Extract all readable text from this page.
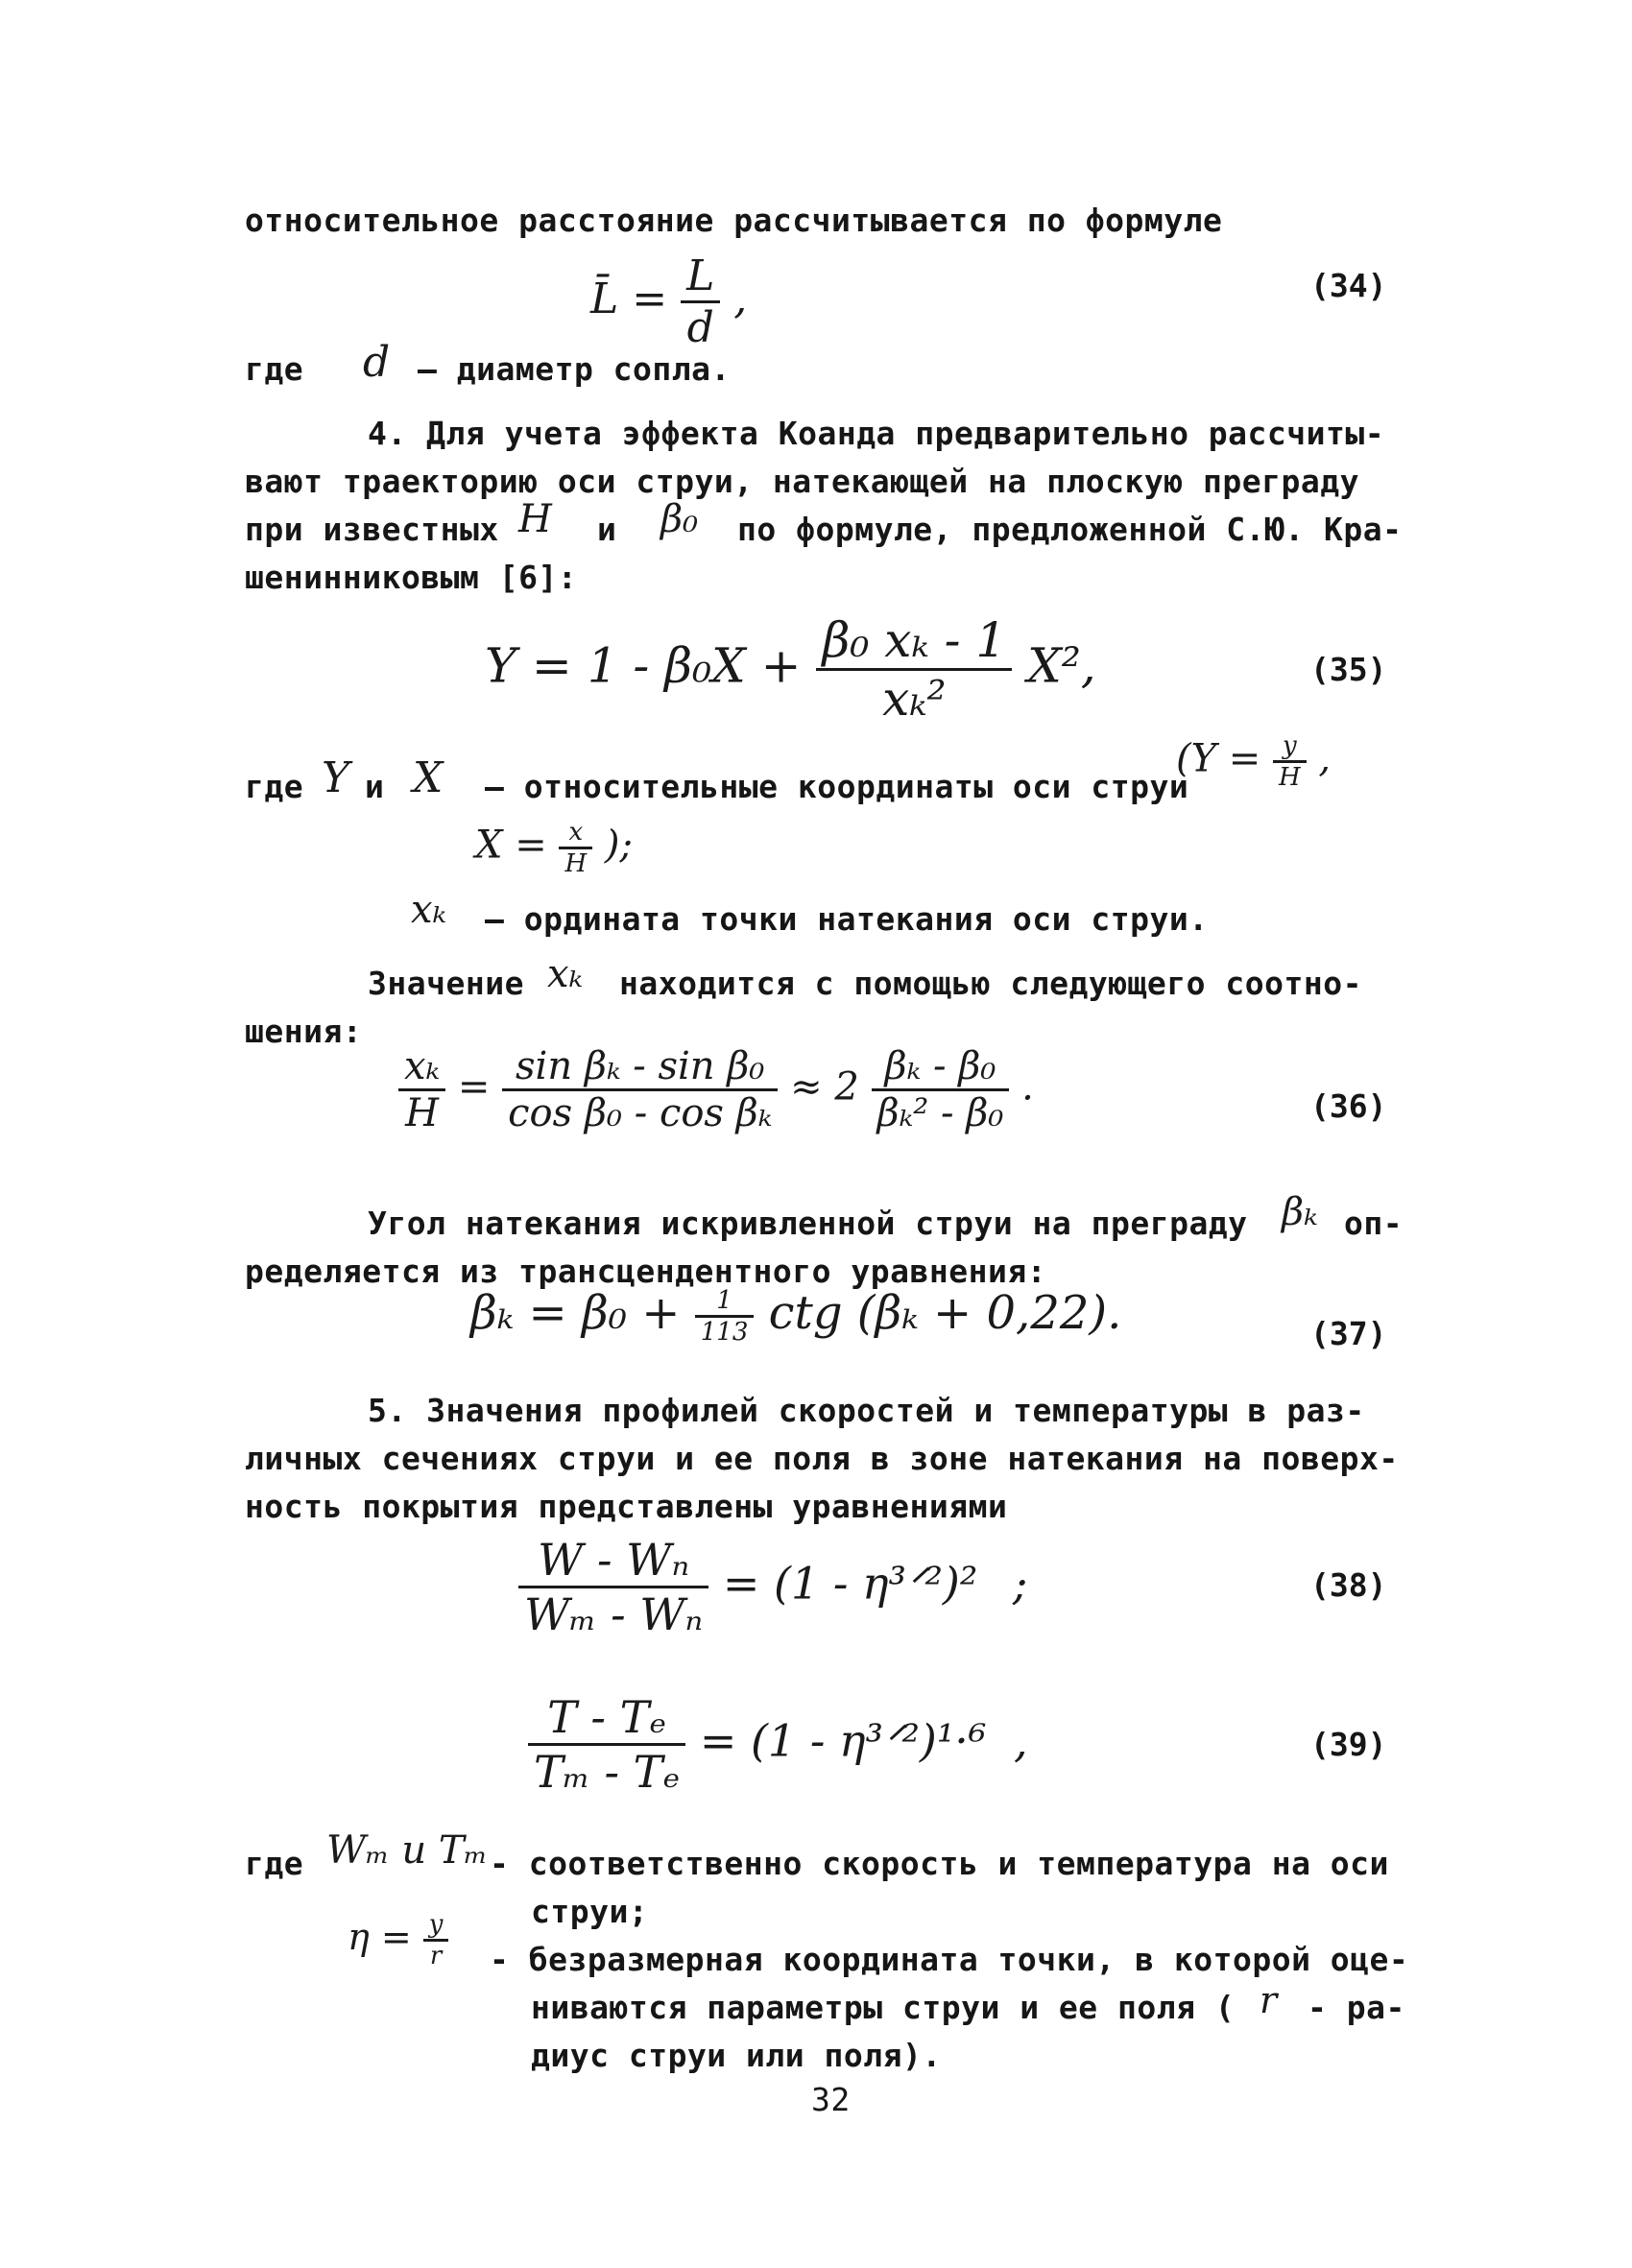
относительное расстояние рассчитывается по формуле
L̄ = $\frac{L}{d}$ ,	(34)
где d – диаметр сопла.
4. Для учета эффекта Коанда предварительно рассчиты-
вают траекторию оси струи, натекающей на плоскую преграду
при известных H и β₀ по формуле, предложенной С.Ю. Кра-
шенинниковым [6]:
$Y = 1 - \beta_0X + \frac{\text{β₀ xₖ - 1}}{\text{xₖ²}} X^2$,	(35)
где Y и X – относительные координаты оси струи
($Y = \frac{y}{H}$ ,
$X = \frac{x}{H}$ );
xₖ – ордината точки натекания оси струи.
Значение xₖ находится с помощью следующего соотно-
шения:
$\frac{\text{xₖ}}{H} = \frac{\text{sin βₖ - sin β₀}}{\text{cos β₀ - cos βₖ}} \approx 2 \frac{\text{βₖ - β₀}}{\text{βₖ² - β₀}}$ .	(36)
Угол натекания искривленной струи на преграду βₖ оп-
ределяется из трансцендентного уравнения:
$\beta_k = \beta_0 + \frac{1}{113}$ ctg (βₖ + 0,22).	(37)
5. Значения профилей скоростей и температуры в раз-
личных сечениях струи и ее поля в зоне натекания на поверх-
ность покрытия представлены уравнениями
$\frac{\text{W - Wₙ}}{\text{Wₘ - Wₙ}} = (1$ - η³ᐟ²)² ;	(38)
$\frac{\text{T - Tₑ}}{\text{Tₘ - Tₑ}} = (1$ - η³ᐟ²)¹·⁶ ,	(39)
где Wₘ и Tₘ - соответственно скорость и температура на оси
струи;
$\eta = \frac{y}{r}$ - безразмерная координата точки, в которой оце-
ниваются параметры струи и ее поля ( r - ра-
диус струи или поля).
32
